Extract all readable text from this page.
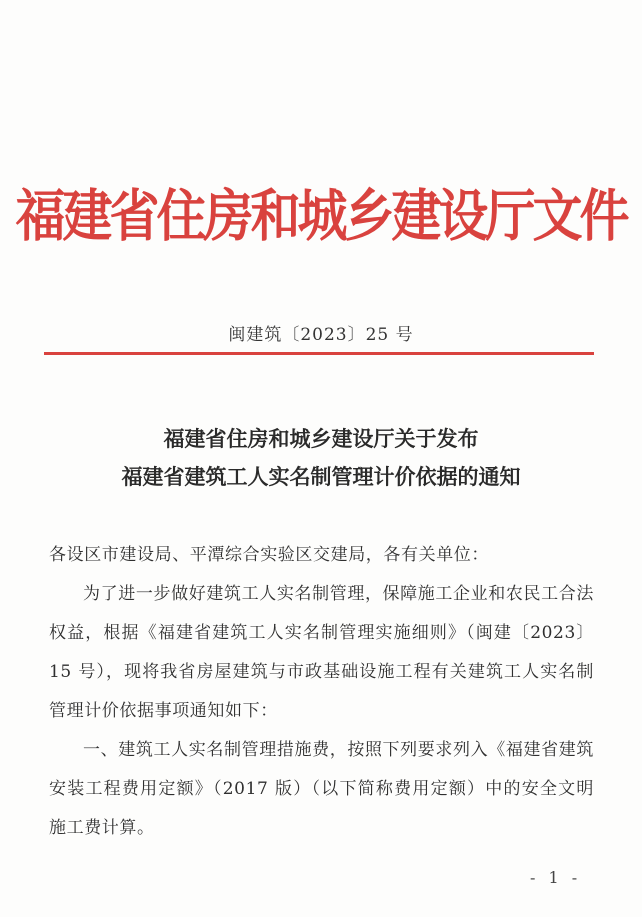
福建省住房和城乡建设厅文件
闽建筑〔2023〕25 号
福建省住房和城乡建设厅关于发布
福建省建筑工人实名制管理计价依据的通知

各设区市建设局、平潭综合实验区交建局，各有关单位：

为了进一步做好建筑工人实名制管理，保障施工企业和农民工合法权益，根据《福建省建筑工人实名制管理实施细则》（闽建〔2023〕15 号），现将我省房屋建筑与市政基础设施工程有关建筑工人实名制管理计价依据事项通知如下：

一、建筑工人实名制管理措施费，按照下列要求列入《福建省建筑安装工程费用定额》（2017 版）（以下简称费用定额）中的安全文明施工费计算。

- 1 -
